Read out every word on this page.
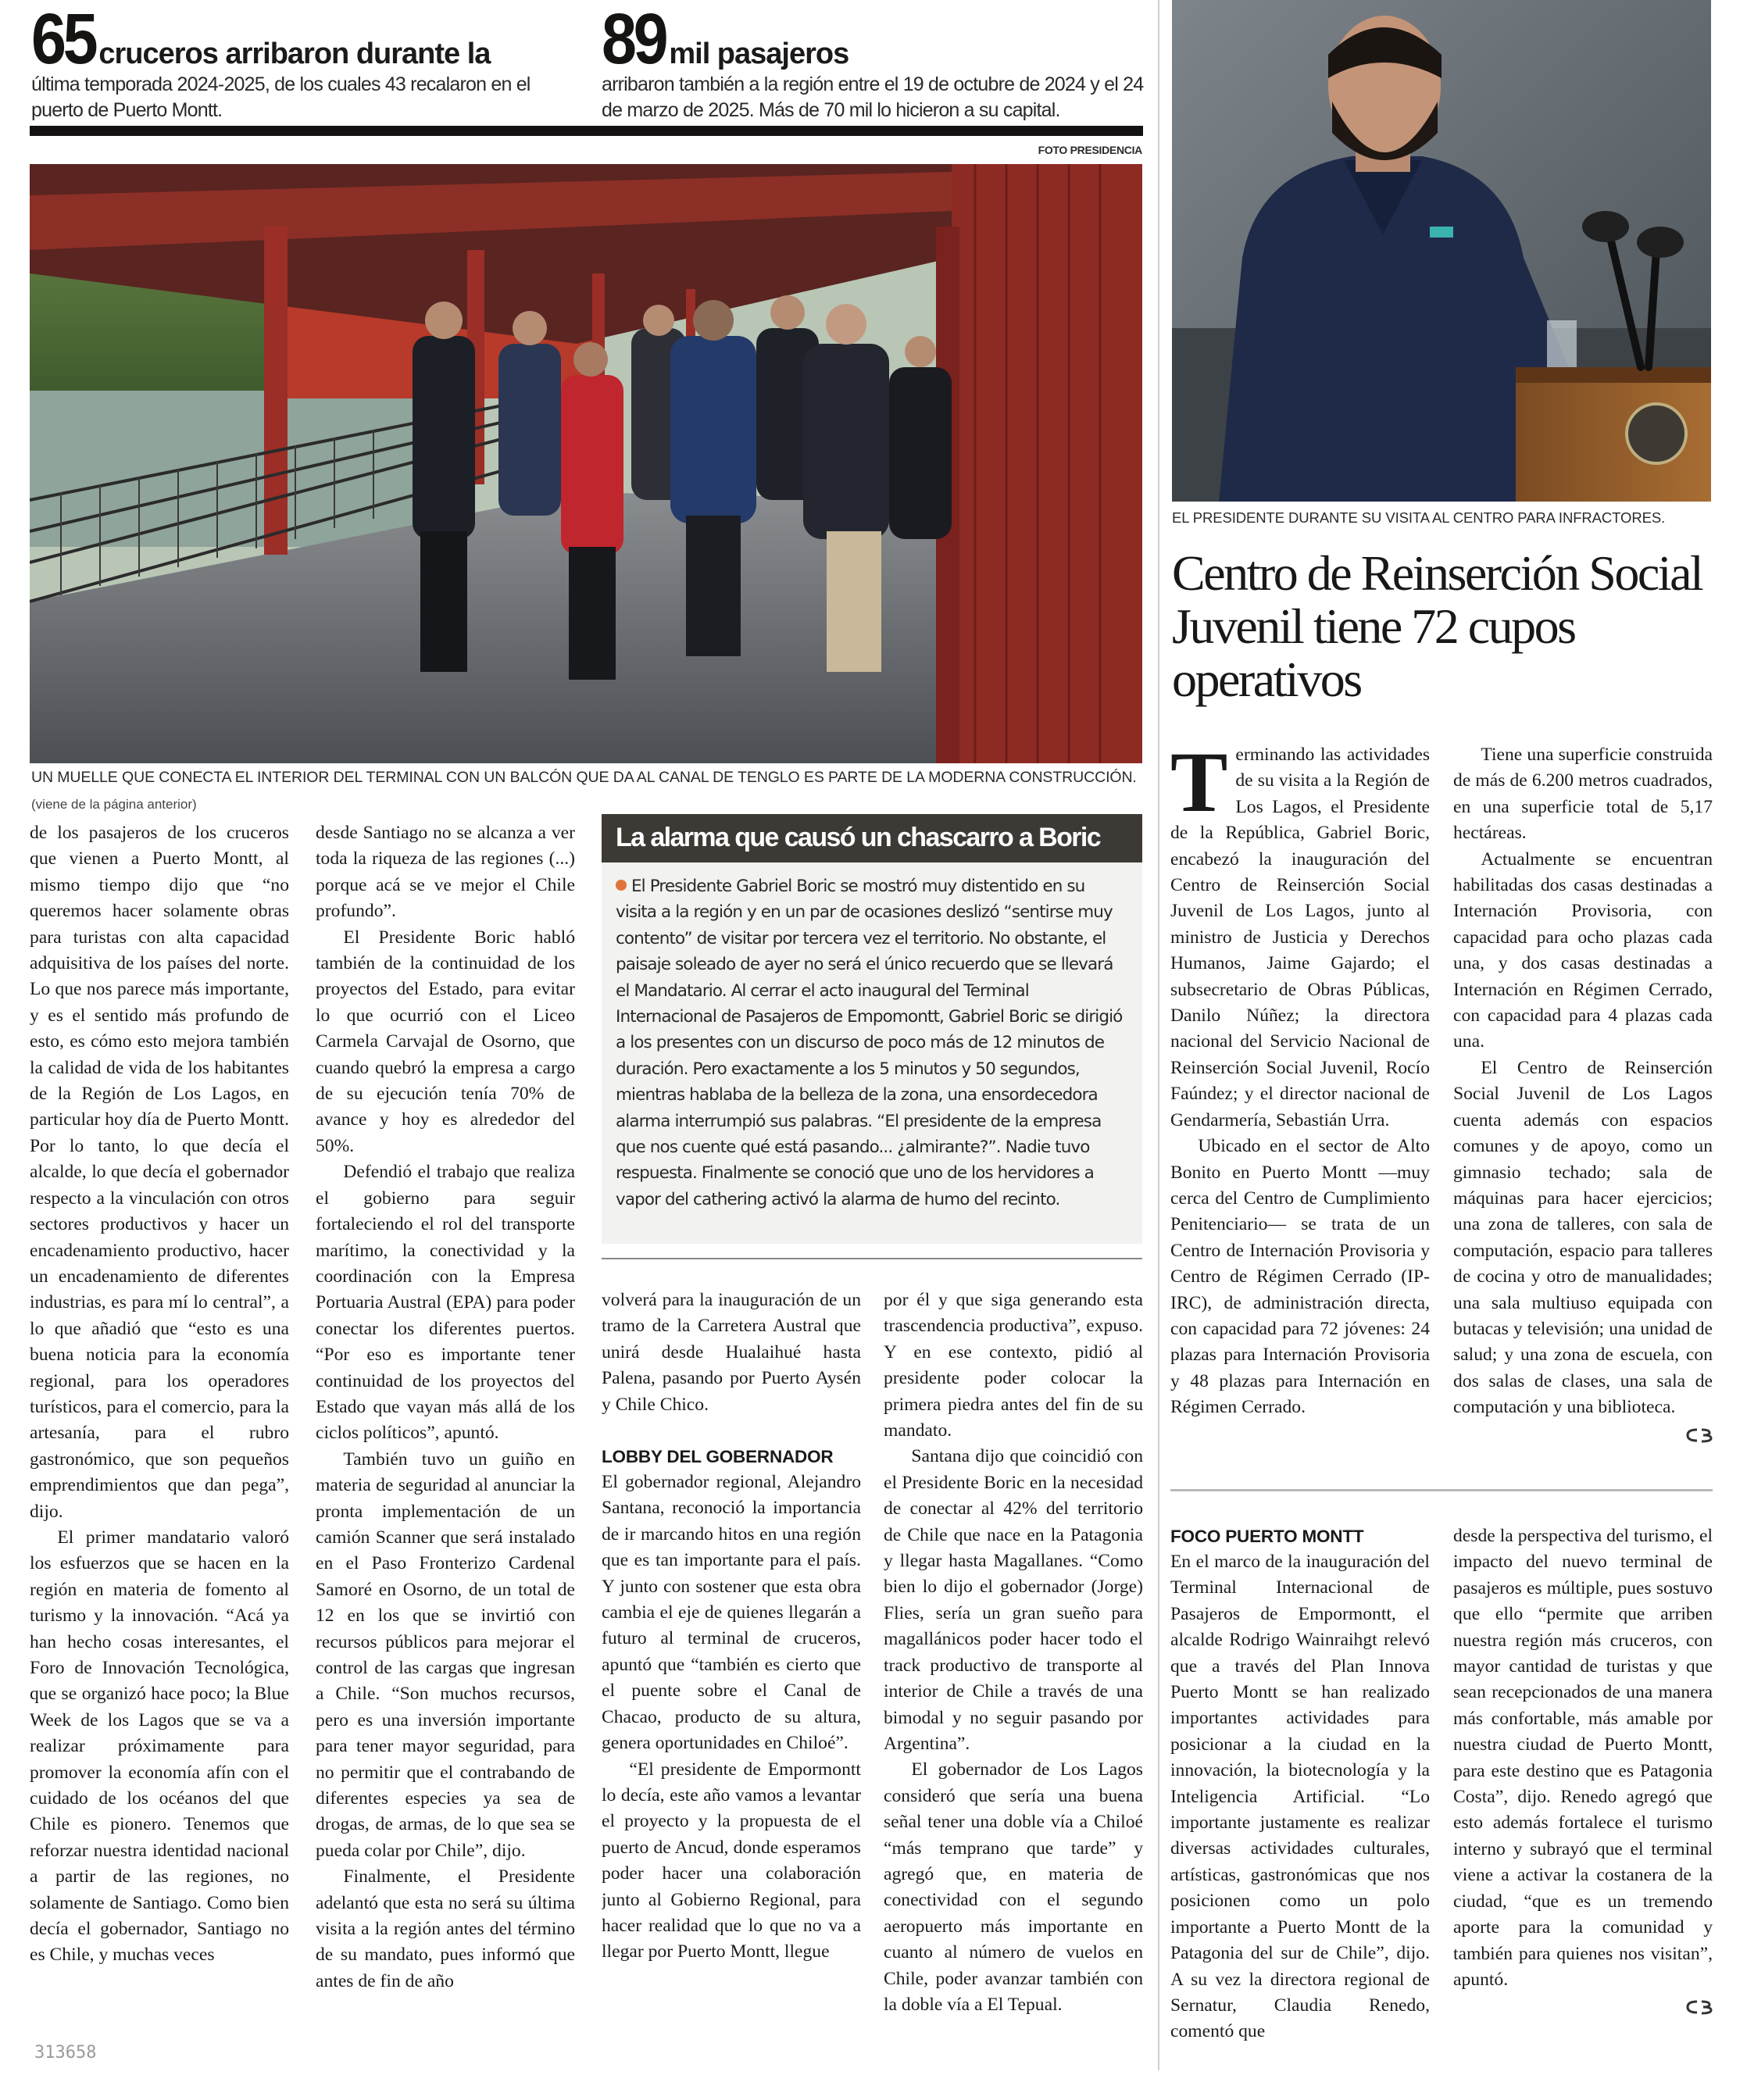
65 cruceros arribaron durante la
última temporada 2024-2025, de los cuales 43 recalaron en el puerto de Puerto Montt.
89 mil pasajeros
arribaron también a la región entre el 19 de octubre de 2024 y el 24 de marzo de 2025. Más de 70 mil lo hicieron a su capital.
FOTO PRESIDENCIA
UN MUELLE QUE CONECTA EL INTERIOR DEL TERMINAL CON UN BALCÓN QUE DA AL CANAL DE TENGLO ES PARTE DE LA MODERNA CONSTRUCCIÓN.
(viene de la página anterior)

de los pasajeros de los cruceros que vienen a Puerto Montt, al mismo tiempo dijo que “no queremos hacer solamente obras para turistas con alta capacidad adquisitiva de los países del norte. Lo que nos parece más importante, y es el sentido más profundo de esto, es cómo esto mejora también la calidad de vida de los habitantes de la Región de Los Lagos, en particular hoy día de Puerto Montt. Por lo tanto, lo que decía el alcalde, lo que decía el gobernador respecto a la vinculación con otros sectores productivos y hacer un encadenamiento productivo, hacer un encadenamiento de diferentes industrias, es para mí lo central”, a lo que añadió que “esto es una buena noticia para la economía regional, para los operadores turísticos, para el comercio, para la artesanía, para el rubro gastronómico, que son pequeños emprendimientos que dan pega”, dijo.

El primer mandatario valoró los esfuerzos que se hacen en la región en materia de fomento al turismo y la innovación. “Acá ya han hecho cosas interesantes, el Foro de Innovación Tecnológica, que se organizó hace poco; la Blue Week de los Lagos que se va a realizar próximamente para promover la economía afín con el cuidado de los océanos del que Chile es pionero. Tenemos que reforzar nuestra identidad nacional a partir de las regiones, no solamente de Santiago. Como bien decía el gobernador, Santiago no es Chile, y muchas veces

desde Santiago no se alcanza a ver toda la riqueza de las regiones (...) porque acá se ve mejor el Chile profundo”.

El Presidente Boric habló también de la continuidad de los proyectos del Estado, para evitar lo que ocurrió con el Liceo Carmela Carvajal de Osorno, que cuando quebró la empresa a cargo de su ejecución tenía 70% de avance y hoy es alrededor del 50%.

Defendió el trabajo que realiza el gobierno para seguir fortaleciendo el rol del transporte marítimo, la conectividad y la coordinación con la Empresa Portuaria Austral (EPA) para poder conectar los diferentes puertos. “Por eso es importante tener continuidad de los proyectos del Estado que vayan más allá de los ciclos políticos”, apuntó.

También tuvo un guiño en materia de seguridad al anunciar la pronta implementación de un camión Scanner que será instalado en el Paso Fronterizo Cardenal Samoré en Osorno, de un total de 12 en los que se invirtió con recursos públicos para mejorar el control de las cargas que ingresan a Chile. “Son muchos recursos, pero es una inversión importante para tener mayor seguridad, para no permitir que el contrabando de diferentes especies ya sea de drogas, de armas, de lo que sea se pueda colar por Chile”, dijo.

Finalmente, el Presidente adelantó que esta no será su última visita a la región antes del término de su mandato, pues informó que antes de fin de año

La alarma que causó un chascarro a Boric
El Presidente Gabriel Boric se mostró muy distentido en su visita a la región y en un par de ocasiones deslizó “sentirse muy contento” de visitar por tercera vez el territorio. No obstante, el paisaje soleado de ayer no será el único recuerdo que se llevará el Mandatario. Al cerrar el acto inaugural del Terminal Internacional de Pasajeros de Empomontt, Gabriel Boric se dirigió a los presentes con un discurso de poco más de 12 minutos de duración. Pero exactamente a los 5 minutos y 50 segundos, mientras hablaba de la belleza de la zona, una ensordecedora alarma interrumpió sus palabras. “El presidente de la empresa que nos cuente qué está pasando... ¿almirante?”. Nadie tuvo respuesta. Finalmente se conoció que uno de los hervidores a vapor del cathering activó la alarma de humo del recinto.

volverá para la inauguración de un tramo de la Carretera Austral que unirá desde Hualaihué hasta Palena, pasando por Puerto Aysén y Chile Chico.

LOBBY DEL GOBERNADOR

El gobernador regional, Alejandro Santana, reconoció la importancia de ir marcando hitos en una región que es tan importante para el país. Y junto con sostener que esta obra cambia el eje de quienes llegarán a futuro al terminal de cruceros, apuntó que “también es cierto que el puente sobre el Canal de Chacao, producto de su altura, genera oportunidades en Chiloé”.

“El presidente de Empormontt lo decía, este año vamos a levantar el proyecto y la propuesta de el puerto de Ancud, donde esperamos poder hacer una colaboración junto al Gobierno Regional, para hacer realidad que lo que no va a llegar por Puerto Montt, llegue

por él y que siga generando esta trascendencia productiva”, expuso. Y en ese contexto, pidió al presidente poder colocar la primera piedra antes del fin de su mandato.

Santana dijo que coincidió con el Presidente Boric en la necesidad de conectar al 42% del territorio de Chile que nace en la Patagonia y llegar hasta Magallanes. “Como bien lo dijo el gobernador (Jorge) Flies, sería un gran sueño para magallánicos poder hacer todo el track productivo de transporte al interior de Chile a través de una bimodal y no seguir pasando por Argentina”.

El gobernador de Los Lagos consideró que sería una buena señal tener una doble vía a Chiloé “más temprano que tarde” y agregó que, en materia de conectividad con el segundo aeropuerto más importante en cuanto al número de vuelos en Chile, poder avanzar también con la doble vía a El Tepual.

EL PRESIDENTE DURANTE SU VISITA AL CENTRO PARA INFRACTORES.
Centro de Reinserción Social Juvenil tiene 72 cupos operativos

Terminando las actividades de su visita a la Región de Los Lagos, el Presidente de la República, Gabriel Boric, encabezó la inauguración del Centro de Reinserción Social Juvenil de Los Lagos, junto al ministro de Justicia y Derechos Humanos, Jaime Gajardo; el subsecretario de Obras Públicas, Danilo Núñez; la directora nacional del Servicio Nacional de Reinserción Social Juvenil, Rocío Faúndez; y el director nacional de Gendarmería, Sebastián Urra.

Ubicado en el sector de Alto Bonito en Puerto Montt —muy cerca del Centro de Cumplimiento Penitenciario— se trata de un Centro de Internación Provisoria y Centro de Régimen Cerrado (IP-IRC), de administración directa, con capacidad para 72 jóvenes: 24 plazas para Internación Provisoria y 48 plazas para Internación en Régimen Cerrado.

Tiene una superficie construida de más de 6.200 metros cuadrados, en una superficie total de 5,17 hectáreas.

Actualmente se encuentran habilitadas dos casas destinadas a Internación Provisoria, con capacidad para ocho plazas cada una, y dos casas destinadas a Internación en Régimen Cerrado, con capacidad para 4 plazas cada una.

El Centro de Reinserción Social Juvenil de Los Lagos cuenta además con espacios comunes y de apoyo, como un gimnasio techado; sala de máquinas para hacer ejercicios; una zona de talleres, con sala de computación, espacio para talleres de cocina y otro de manualidades; una sala multiuso equipada con butacas y televisión; una unidad de salud; y una zona de escuela, con dos salas de clases, una sala de computación y una biblioteca.

FOCO PUERTO MONTT

En el marco de la inauguración del Terminal Internacional de Pasajeros de Empormontt, el alcalde Rodrigo Wainraihgt relevó que a través del Plan Innova Puerto Montt se han realizado importantes actividades para posicionar a la ciudad en la innovación, la biotecnología y la Inteligencia Artificial. “Lo importante justamente es realizar diversas actividades culturales, artísticas, gastronómicas que nos posicionen como un polo importante a Puerto Montt de la Patagonia del sur de Chile”, dijo. A su vez la directora regional de Sernatur, Claudia Renedo, comentó que

desde la perspectiva del turismo, el impacto del nuevo terminal de pasajeros es múltiple, pues sostuvo que ello “permite que arriben nuestra región más cruceros, con mayor cantidad de turistas y que sean recepcionados de una manera más confortable, más amable por nuestra ciudad de Puerto Montt, para este destino que es Patagonia Costa”, dijo. Renedo agregó que esto además fortalece el turismo interno y subrayó que el terminal viene a activar la costanera de la ciudad, “que es un tremendo aporte para la comunidad y también para quienes nos visitan”, apuntó.

313658
